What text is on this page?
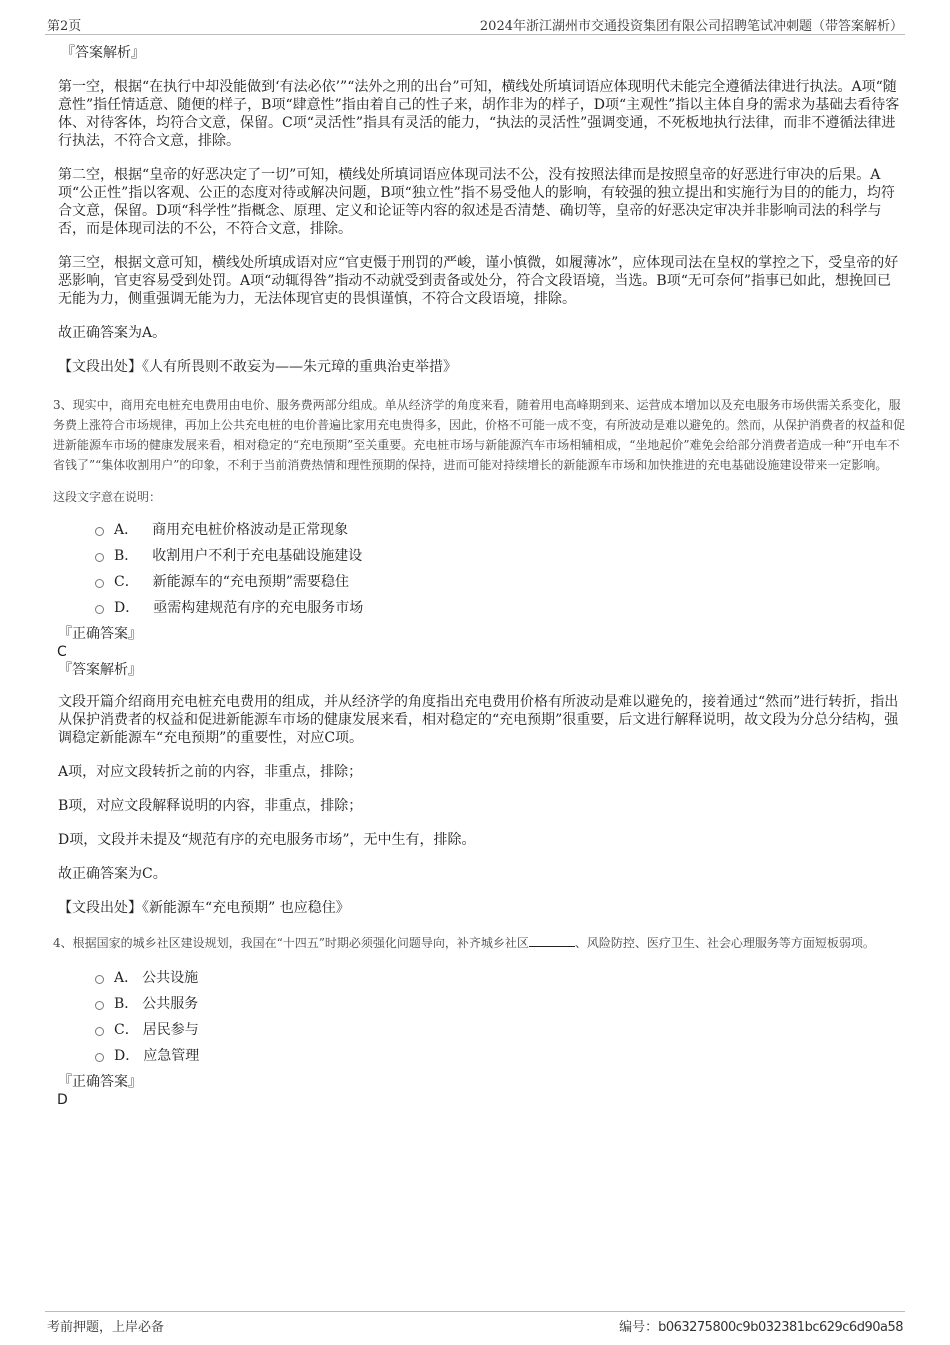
第2页	2024年浙江湖州市交通投资集团有限公司招聘笔试冲刺题（带答案解析）

『答案解析』

第一空，根据“在执行中却没能做到‘有法必依’”“法外之刑的出台”可知，横线处所填词语应体现明代未能完全遵循法律进行执法。A项“随意性”指任情适意、随便的样子，B项“肆意性”指由着自己的性子来，胡作非为的样子，D项“主观性”指以主体自身的需求为基础去看待客体、对待客体，均符合文意，保留。C项“灵活性”指具有灵活的能力，“执法的灵活性”强调变通，不死板地执行法律，而非不遵循法律进行执法，不符合文意，排除。

第二空，根据“皇帝的好恶决定了一切”可知，横线处所填词语应体现司法不公，没有按照法律而是按照皇帝的好恶进行审决的后果。A项“公正性”指以客观、公正的态度对待或解决问题，B项“独立性”指不易受他人的影响，有较强的独立提出和实施行为目的的能力，均符合文意，保留。D项“科学性”指概念、原理、定义和论证等内容的叙述是否清楚、确切等，皇帝的好恶决定审决并非影响司法的科学与否，而是体现司法的不公，不符合文意，排除。

第三空，根据文意可知，横线处所填成语对应“官吏慑于刑罚的严峻，谨小慎微，如履薄冰”，应体现司法在皇权的掌控之下，受皇帝的好恶影响，官吏容易受到处罚。A项“动辄得咎”指动不动就受到责备或处分，符合文段语境，当选。B项“无可奈何”指事已如此，想挽回已无能为力，侧重强调无能为力，无法体现官吏的畏惧谨慎，不符合文段语境，排除。

故正确答案为A。

【文段出处】《人有所畏则不敢妄为——朱元璋的重典治吏举措》

3、现实中，商用充电桩充电费用由电价、服务费两部分组成。单从经济学的角度来看，随着用电高峰期到来、运营成本增加以及充电服务市场供需关系变化，服务费上涨符合市场规律，再加上公共充电桩的电价普遍比家用充电贵得多，因此，价格不可能一成不变，有所波动是难以避免的。然而，从保护消费者的权益和促进新能源车市场的健康发展来看，相对稳定的“充电预期”至关重要。充电桩市场与新能源汽车市场相辅相成，“坐地起价”难免会给部分消费者造成一种“开电车不省钱了”“集体收割用户”的印象，不利于当前消费热情和理性预期的保持，进而可能对持续增长的新能源车市场和加快推进的充电基础设施建设带来一定影响。

这段文字意在说明：

A． 商用充电桩价格波动是正常现象
B． 收割用户不利于充电基础设施建设
C． 新能源车的“充电预期”需要稳住
D． 亟需构建规范有序的充电服务市场

『正确答案』

C

『答案解析』

文段开篇介绍商用充电桩充电费用的组成，并从经济学的角度指出充电费用价格有所波动是难以避免的，接着通过“然而”进行转折，指出从保护消费者的权益和促进新能源车市场的健康发展来看，相对稳定的“充电预期”很重要，后文进行解释说明，故文段为分总分结构，强调稳定新能源车“充电预期”的重要性，对应C项。

A项，对应文段转折之前的内容，非重点，排除；

B项，对应文段解释说明的内容，非重点，排除；

D项，文段并未提及“规范有序的充电服务市场”，无中生有，排除。

故正确答案为C。

【文段出处】《新能源车“充电预期” 也应稳住》

4、根据国家的城乡社区建设规划，我国在“十四五”时期必须强化问题导向，补齐城乡社区	、风险防控、医疗卫生、社会心理服务等方面短板弱项。

A． 公共设施
B． 公共服务
C． 居民参与
D． 应急管理

『正确答案』

D

考前押题，上岸必备	编号：b063275800c9b032381bc629c6d90a58
